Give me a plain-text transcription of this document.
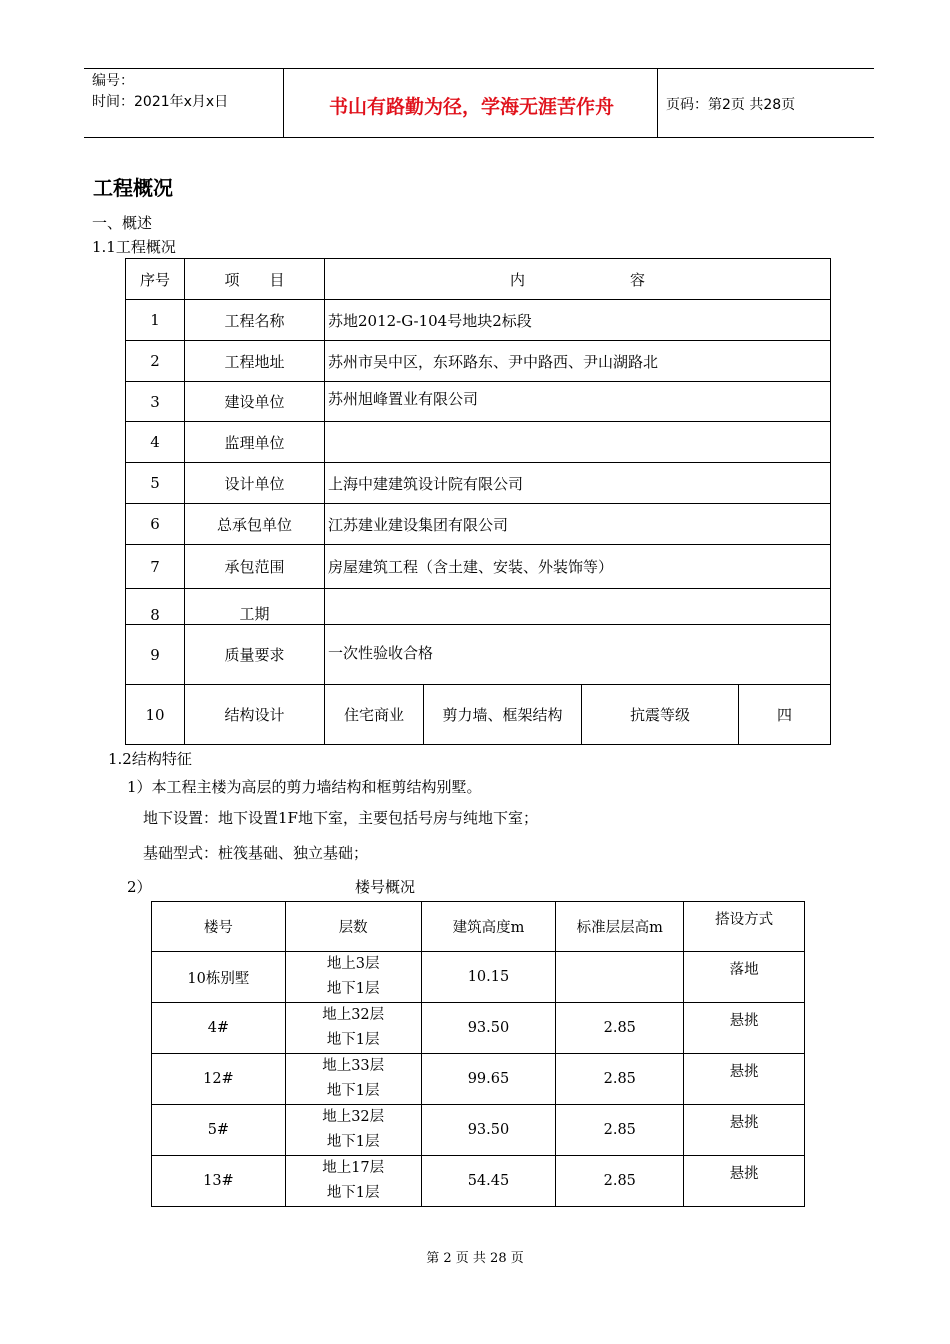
编号：
时间：2021年x月x日	书山有路勤为径，学海无涯苦作舟	页码：第2页 共28页
工程概况
一、概述
1.1工程概况
序号	项　　目	内　　　　　　　容			
1	工程名称	苏地2012-G-104号地块2标段			
2	工程地址	苏州市吴中区，东环路东、尹中路西、尹山湖路北			
3	建设单位	苏州旭峰置业有限公司			
4	监理单位				
5	设计单位	上海中建建筑设计院有限公司			
6	总承包单位	江苏建业建设集团有限公司			
7	承包范围	房屋建筑工程（含土建、安装、外装饰等）			
8	工期				
9	质量要求	一次性验收合格			
10	结构设计	住宅商业	剪力墙、框架结构	抗震等级	四
1.2结构特征
1）本工程主楼为高层的剪力墙结构和框剪结构别墅。
地下设置：地下设置1F地下室，主要包括号房与纯地下室；
基础型式：桩筏基础、独立基础；
2）	楼号概况
楼号	层数	建筑高度m	标准层层高m	搭设方式
10栋别墅	地上3层
地下1层	10.15		落地
4#	地上32层
地下1层	93.50	2.85	悬挑
12#	地上33层
地下1层	99.65	2.85	悬挑
5#	地上32层
地下1层	93.50	2.85	悬挑
13#	地上17层
地下1层	54.45	2.85	悬挑
第 2 页 共 28 页
